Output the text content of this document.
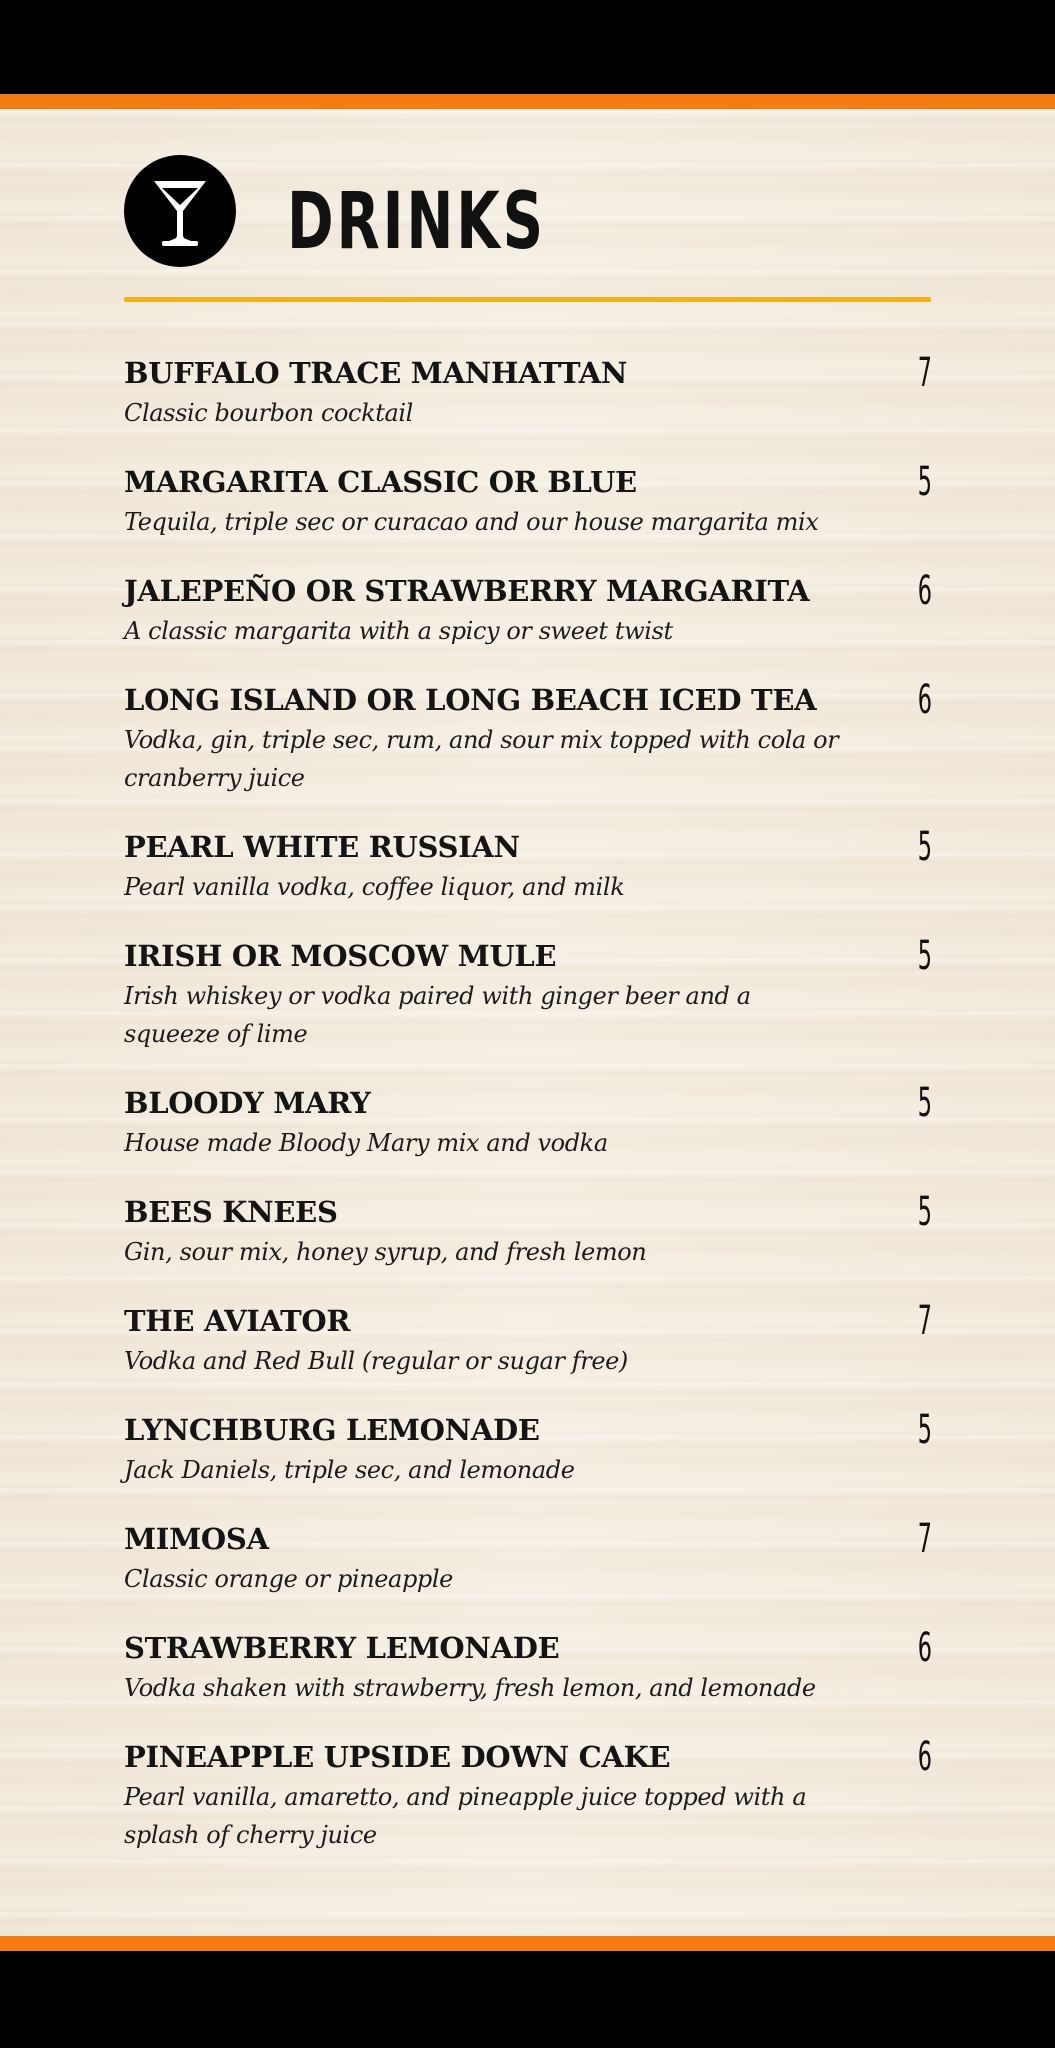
DRINKS
BUFFALO TRACE MANHATTAN
Classic bourbon cocktail
7
MARGARITA CLASSIC OR BLUE
Tequila, triple sec or curacao and our house margarita mix
5
JALEPEÑO OR STRAWBERRY MARGARITA
A classic margarita with a spicy or sweet twist
6
LONG ISLAND OR LONG BEACH ICED TEA
Vodka, gin, triple sec, rum, and sour mix topped with cola or cranberry juice
6
PEARL WHITE RUSSIAN
Pearl vanilla vodka, coffee liquor, and milk
5
IRISH OR MOSCOW MULE
Irish whiskey or vodka paired with ginger beer and a squeeze of lime
5
BLOODY MARY
House made Bloody Mary mix and vodka
5
BEES KNEES
Gin, sour mix, honey syrup, and fresh lemon
5
THE AVIATOR
Vodka and Red Bull (regular or sugar free)
7
LYNCHBURG LEMONADE
Jack Daniels, triple sec, and lemonade
5
MIMOSA
Classic orange or pineapple
7
STRAWBERRY LEMONADE
Vodka shaken with strawberry, fresh lemon, and lemonade
6
PINEAPPLE UPSIDE DOWN CAKE
Pearl vanilla, amaretto, and pineapple juice topped with a splash of cherry juice
6
